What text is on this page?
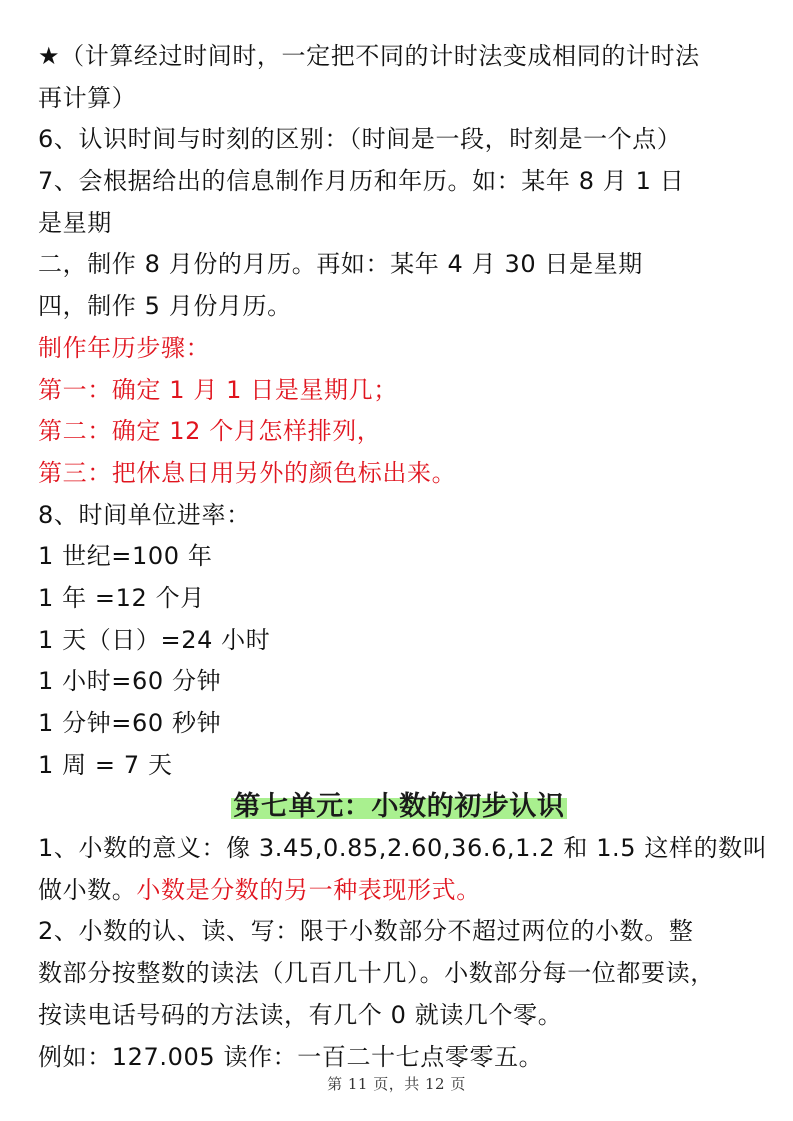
★（计算经过时间时，一定把不同的计时法变成相同的计时法
再计算）
6、认识时间与时刻的区别：（时间是一段，时刻是一个点）
7、会根据给出的信息制作月历和年历。如：某年 8 月 1 日
是星期
二，制作 8 月份的月历。再如：某年 4 月 30 日是星期
四，制作 5 月份月历。
制作年历步骤：
第一：确定 1 月 1 日是星期几；
第二：确定 12 个月怎样排列，
第三：把休息日用另外的颜色标出来。
8、时间单位进率：
1 世纪=100 年
1 年 =12 个月
1 天（日）=24 小时
1 小时=60 分钟
1 分钟=60 秒钟
1 周 = 7 天
第七单元：小数的初步认识
1、小数的意义：像 3.45,0.85,2.60,36.6,1.2 和 1.5 这样的数叫
做小数。小数是分数的另一种表现形式。
2、小数的认、读、写：限于小数部分不超过两位的小数。整
数部分按整数的读法（几百几十几）。小数部分每一位都要读，
按读电话号码的方法读，有几个 0 就读几个零。
例如：127.005 读作：一百二十七点零零五。
第 11 页，共 12 页
